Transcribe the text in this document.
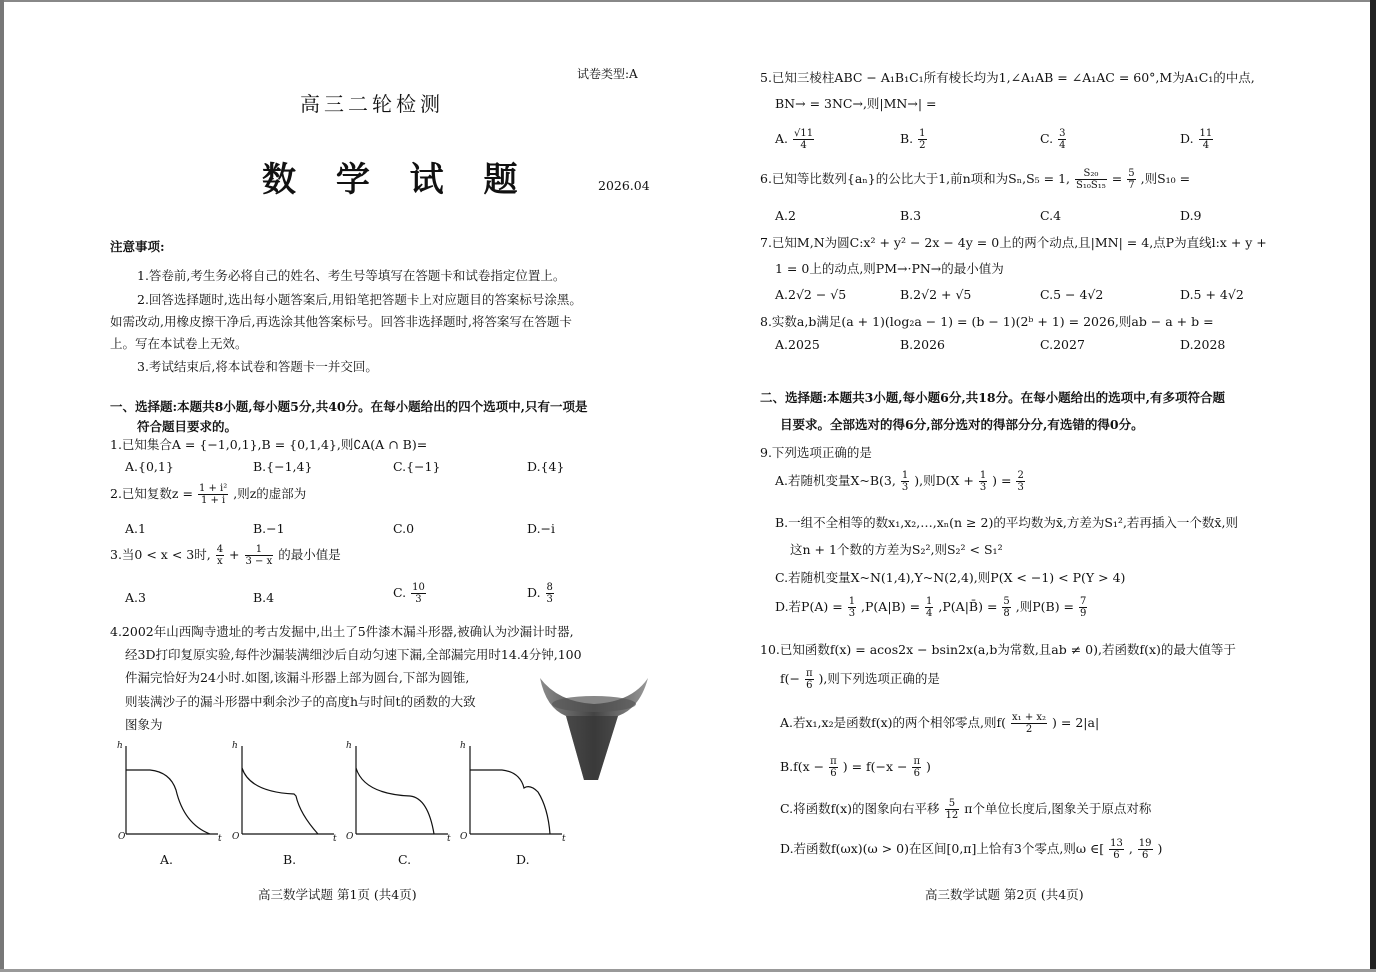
试卷类型:A
高三二轮检测
数 学 试 题	2026.04
注意事项:
1.答卷前,考生务必将自己的姓名、考生号等填写在答题卡和试卷指定位置上。
2.回答选择题时,选出每小题答案后,用铅笔把答题卡上对应题目的答案标号涂黑。
如需改动,用橡皮擦干净后,再选涂其他答案标号。回答非选择题时,将答案写在答题卡
上。写在本试卷上无效。
3.考试结束后,将本试卷和答题卡一并交回。
一、选择题:本题共8小题,每小题5分,共40分。在每小题给出的四个选项中,只有一项是
符合题目要求的。
1.已知集合A = {−1,0,1},B = {0,1,4},则∁A(A ∩ B)=
A.{0,1}	B.{−1,4}	C.{−1}	D.{4}
2.已知复数$z = \frac{\text{1 + i²}}{1 + i}$ ,则z的虚部为
A.1	B.−1	C.0	D.−i
3.当0 < x < 3时, $\frac{4}{x} + \frac{1}{3 - x}$ 的最小值是
A.3	B.4	C. $\frac{10}{3}$	D. $\frac{8}{3}$
4.2002年山西陶寺遗址的考古发掘中,出土了5件漆木漏斗形器,被确认为沙漏计时器,
经3D打印复原实验,每件沙漏装满细沙后自动匀速下漏,全部漏完用时14.4分钟,100
件漏完恰好为24小时.如图,该漏斗形器上部为圆台,下部为圆锥,
则装满沙子的漏斗形器中剩余沙子的高度h与时间t的函数的大致
图象为
h	h	h	h
O	O	O	O
t	t	t	t
A.	B.	C.	D.
高三数学试题 第1页 (共4页)
5.已知三棱柱ABC − A₁B₁C₁所有棱长均为1,∠A₁AB = ∠A₁AC = 60°,M为A₁C₁的中点,
BN→ = 3NC→,则|MN→| =
A. $\frac{√11}{4}$	B. $\frac{1}{2}$	C. $\frac{3}{4}$	D. $\frac{11}{4}$
6.已知等比数列{aₙ}的公比大于1,前n项和为Sₙ,S₅ = 1, $\frac{\text{S₂₀}}{\text{S₁₀S₁₅}} = \frac{5}{7}$ ,则S₁₀ =
A.2	B.3	C.4	D.9
7.已知M,N为圆C:x² + y² − 2x − 4y = 0上的两个动点,且|MN| = 4,点P为直线l:x + y +
1 = 0上的动点,则PM→·PN→的最小值为
A.2√2 − √5	B.2√2 + √5	C.5 − 4√2	D.5 + 4√2
8.实数a,b满足(a + 1)(log₂a − 1) = (b − 1)(2ᵇ + 1) = 2026,则ab − a + b =
A.2025	B.2026	C.2027	D.2028
二、选择题:本题共3小题,每小题6分,共18分。在每小题给出的选项中,有多项符合题
目要求。全部选对的得6分,部分选对的得部分分,有选错的得0分。
9.下列选项正确的是
A.若随机变量X~B(3, $\frac{1}{3}$ ),则$D(X + \frac{1}{3}$ ) = $\frac{2}{3}$
B.一组不全相等的数x₁,x₂,…,xₙ(n ≥ 2)的平均数为x̄,方差为S₁²,若再插入一个数x̄,则
这n + 1个数的方差为S₂²,则S₂² < S₁²
C.若随机变量X~N(1,4),Y~N(2,4),则P(X < −1) < P(Y > 4)
D.若$P(A) = \frac{1}{3} ,P(A|B) = \frac{1}{4}$ ,P(A|B̄) = $\frac{5}{8}$ ,则$P(B) = \frac{7}{9}$
10.已知函数f(x) = acos2x − bsin2x(a,b为常数,且ab ≠ 0),若函数f(x)的最大值等于
$f(- \frac{\pi}{6}$ ),则下列选项正确的是
A.若x₁,x₂是函数f(x)的两个相邻零点,则$f( \frac{\text{x₁ + x₂}}{2}$ ) = 2|a|
$B.f(x - \frac{\pi}{6}$ ) = $f(-x - \frac{\pi}{6}$ )
C.将函数f(x)的图象向右平移 $\frac{5}{12}$ π个单位长度后,图象关于原点对称
D.若函数f(ωx)(ω > 0)在区间[0,π]上恰有3个零点,则ω ∈[ $\frac{13}{6}$ , $\frac{19}{6}$ )
高三数学试题 第2页 (共4页)
